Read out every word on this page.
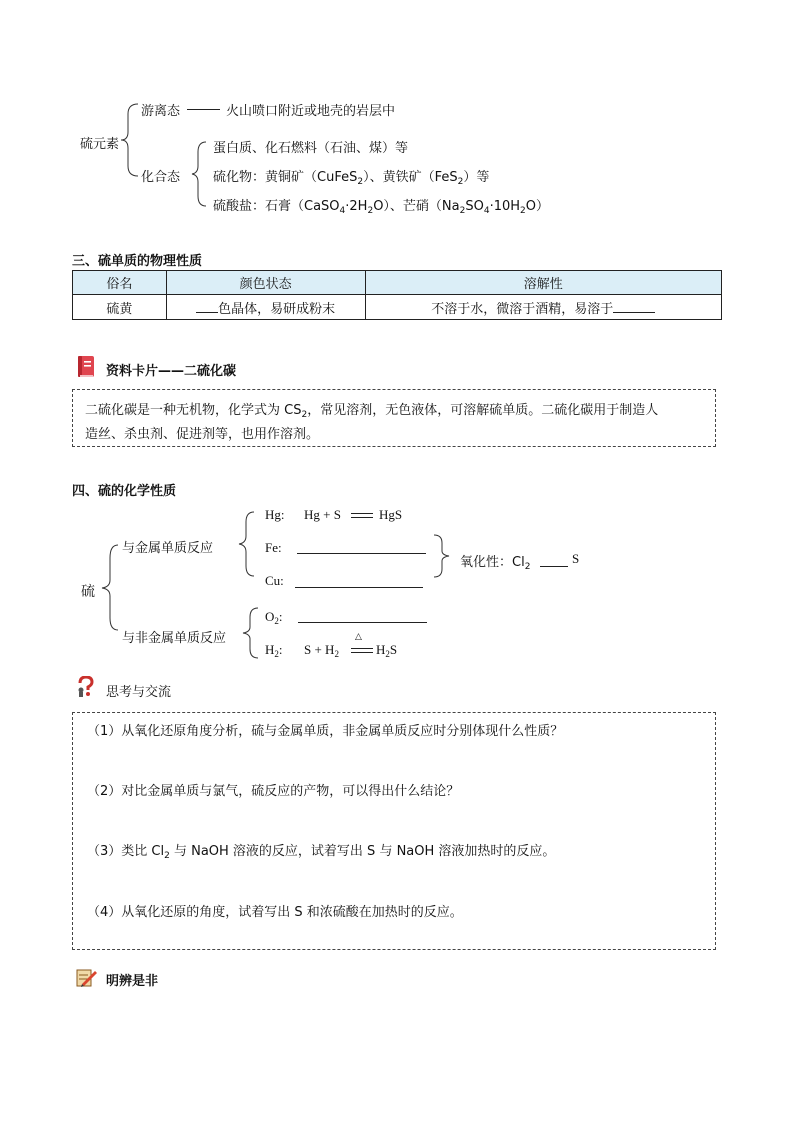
硫元素
游离态	火山喷口附近或地壳的岩层中
化合态
蛋白质、化石燃料（石油、煤）等
硫化物：黄铜矿（CuFeS$_2$）、黄铁矿（FeS$_2$）等
硫酸盐：石膏$(CaSO_4\cdot 2H_2O)$、芒硝$(Na_2SO_4\cdot 10H_2O)$
三、硫单质的物理性质
俗名	颜色状态	溶解性
硫黄	色晶体，易研成粉末	不溶于水，微溶于酒精，易溶于
资料卡片——二硫化碳
二硫化碳是一种无机物，化学式为 $CS_2$，常见溶剂，无色液体，可溶解硫单质。二硫化碳用于制造人
造丝、杀虫剂、促进剂等，也用作溶剂。
四、硫的化学性质
硫
与金属单质反应
与非金属单质反应
Hg: Hg + S	HgS
Fe:
Cu:
氧化性：$Cl_2$
S
$O_2$:
$H_2$: $S + H_2$
△
$H_2S$
思考与交流
（1）从氧化还原角度分析，硫与金属单质，非金属单质反应时分别体现什么性质？
（2）对比金属单质与氯气，硫反应的产物，可以得出什么结论？
（3）类比 $Cl_2$ 与 NaOH 溶液的反应，试着写出 S 与 NaOH 溶液加热时的反应。
（4）从氧化还原的角度，试着写出 S 和浓硫酸在加热时的反应。
明辨是非
